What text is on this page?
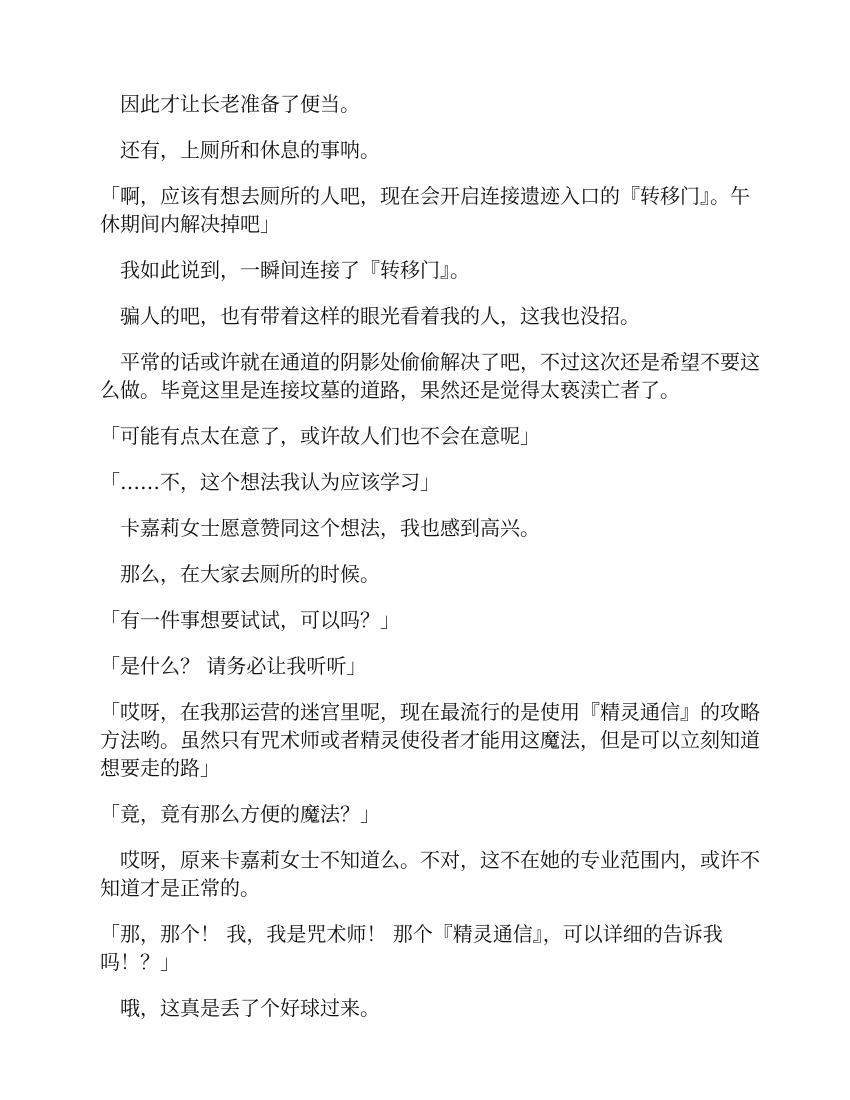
　因此才让长老准备了便当。

　还有，上厕所和休息的事呐。

「啊，应该有想去厕所的人吧，现在会开启连接遗迹入口的『转移门』。午休期间内解决掉吧」

　我如此说到，一瞬间连接了『转移门』。

　骗人的吧，也有带着这样的眼光看着我的人，这我也没招。

　平常的话或许就在通道的阴影处偷偷解决了吧，不过这次还是希望不要这么做。毕竟这里是连接坟墓的道路，果然还是觉得太亵渎亡者了。

「可能有点太在意了，或许故人们也不会在意呢」

「……不，这个想法我认为应该学习」

　卡嘉莉女士愿意赞同这个想法，我也感到高兴。

　那么，在大家去厕所的时候。

「有一件事想要试试，可以吗？」

「是什么？ 请务必让我听听」

「哎呀，在我那运营的迷宫里呢，现在最流行的是使用『精灵通信』的攻略方法哟。虽然只有咒术师或者精灵使役者才能用这魔法，但是可以立刻知道想要走的路」

「竟，竟有那么方便的魔法？」

　哎呀，原来卡嘉莉女士不知道么。不对，这不在她的专业范围内，或许不知道才是正常的。

「那，那个！ 我，我是咒术师！ 那个『精灵通信』，可以详细的告诉我吗！？」

　哦，这真是丢了个好球过来。
